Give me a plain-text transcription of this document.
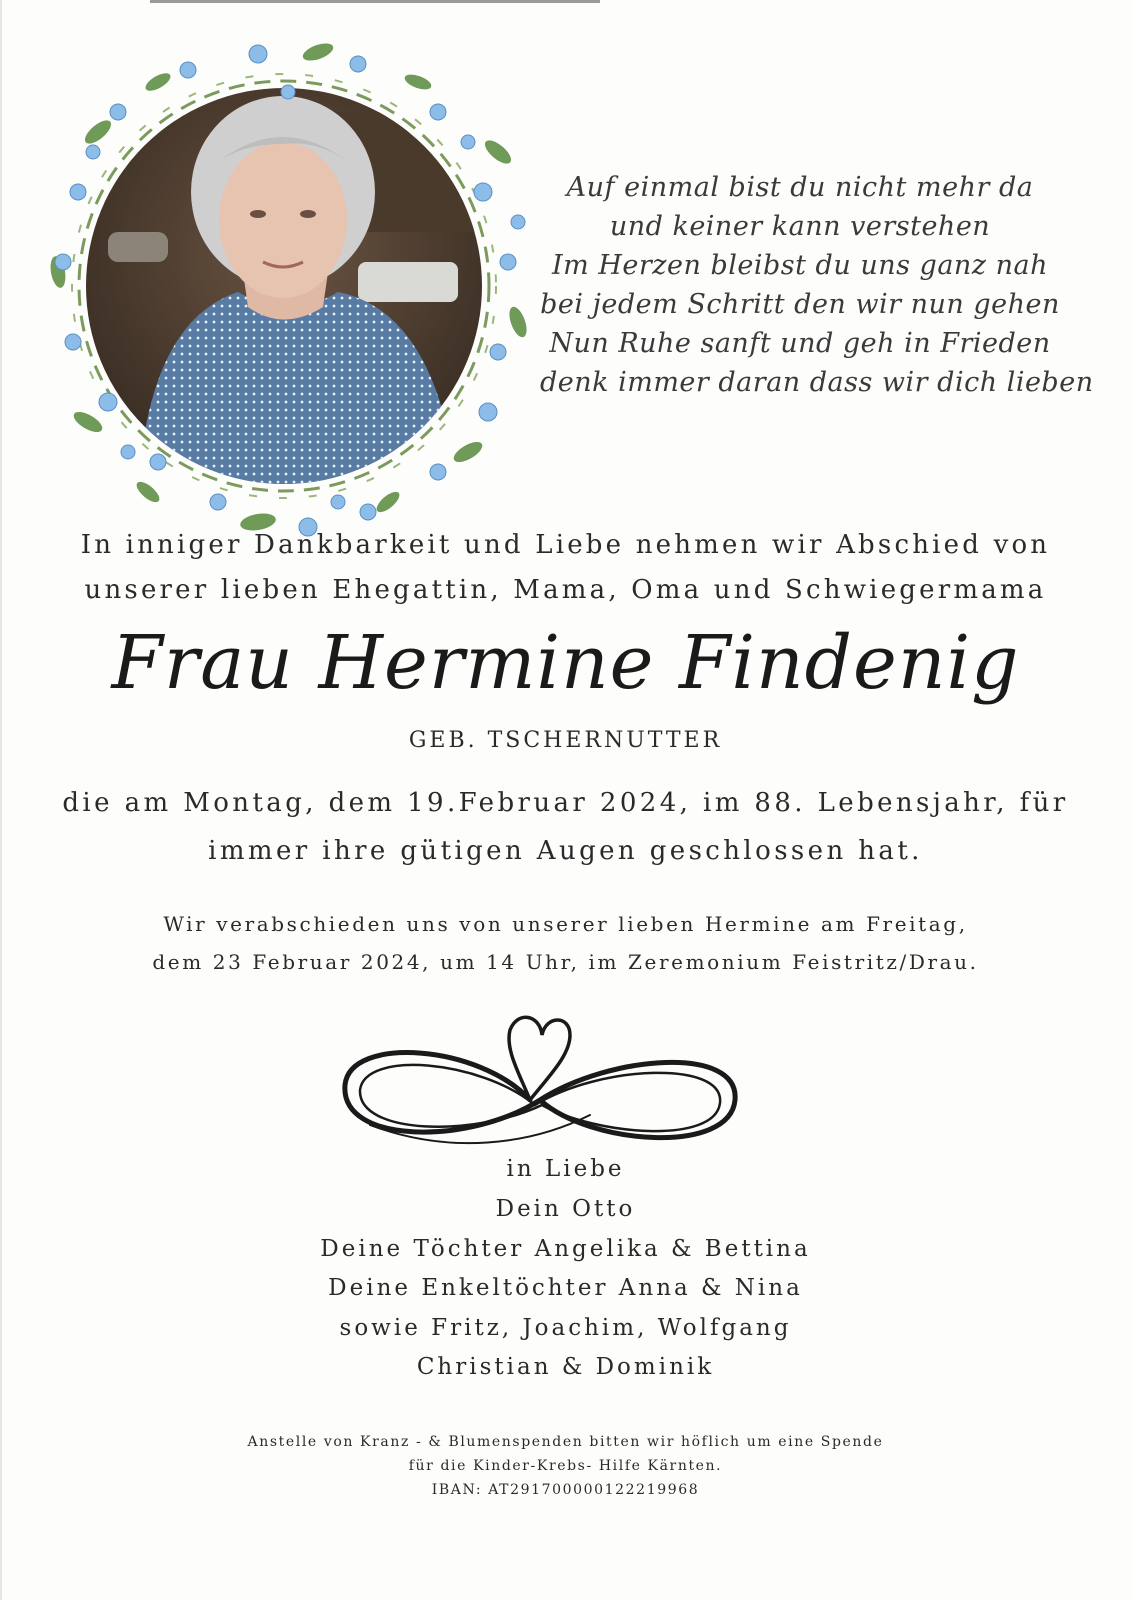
Auf einmal bist du nicht mehr da
und keiner kann verstehen
Im Herzen bleibst du uns ganz nah
bei jedem Schritt den wir nun gehen
Nun Ruhe sanft und geh in Frieden
denk immer daran dass wir dich lieben
In inniger Dankbarkeit und Liebe nehmen wir Abschied von
unserer lieben Ehegattin, Mama, Oma und Schwiegermama
Frau Hermine Findenig
GEB. TSCHERNUTTER
die am Montag, dem 19.Februar 2024, im 88. Lebensjahr, für
immer ihre gütigen Augen geschlossen hat.
Wir verabschieden uns von unserer lieben Hermine am Freitag,
dem 23 Februar 2024, um 14 Uhr, im Zeremonium Feistritz/Drau.
in Liebe
Dein Otto
Deine Töchter Angelika & Bettina
Deine Enkeltöchter Anna & Nina
sowie Fritz, Joachim, Wolfgang
Christian & Dominik
Anstelle von Kranz - & Blumenspenden bitten wir höflich um eine Spende
für die Kinder-Krebs- Hilfe Kärnten.
IBAN: AT291700000122219968
